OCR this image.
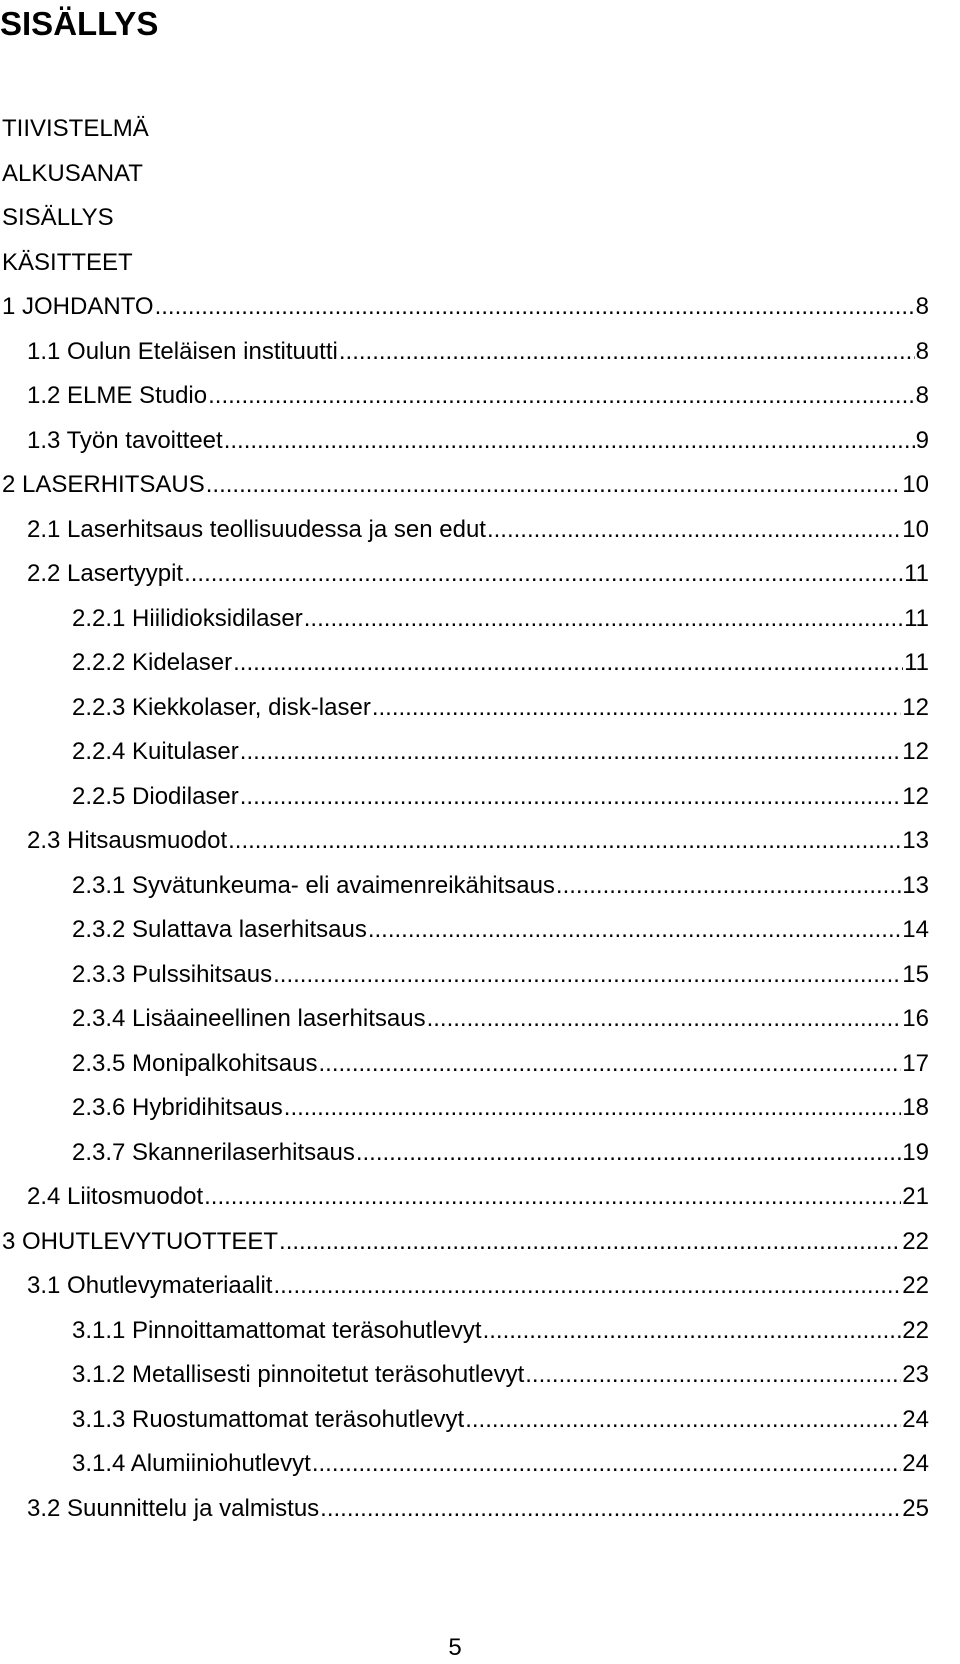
SISÄLLYS
TIIVISTELMÄ
ALKUSANAT
SISÄLLYS
KÄSITTEET
1 JOHDANTO .....	8
1.1 Oulun Eteläisen instituutti .....	8
1.2 ELME Studio .....	8
1.3 Työn tavoitteet .....	9
2 LASERHITSAUS .....	10
2.1 Laserhitsaus teollisuudessa ja sen edut .....	10
2.2 Lasertyypit .....	11
2.2.1 Hiilidioksidilaser .....	11
2.2.2 Kidelaser .....	11
2.2.3 Kiekkolaser, disk-laser .....	12
2.2.4 Kuitulaser .....	12
2.2.5 Diodilaser .....	12
2.3 Hitsausmuodot .....	13
2.3.1 Syvätunkeuma- eli avaimenreikähitsaus .....	13
2.3.2 Sulattava laserhitsaus .....	14
2.3.3 Pulssihitsaus .....	15
2.3.4 Lisäaineellinen laserhitsaus .....	16
2.3.5 Monipalkohitsaus .....	17
2.3.6 Hybridihitsaus .....	18
2.3.7 Skannerilaserhitsaus .....	19
2.4 Liitosmuodot .....	21
3 OHUTLEVYTUOTTEET .....	22
3.1 Ohutlevymateriaalit .....	22
3.1.1 Pinnoittamattomat teräsohutlevyt .....	22
3.1.2 Metallisesti pinnoitetut teräsohutlevyt .....	23
3.1.3 Ruostumattomat teräsohutlevyt .....	24
3.1.4 Alumiiniohutlevyt .....	24
3.2 Suunnittelu ja valmistus .....	25
5
